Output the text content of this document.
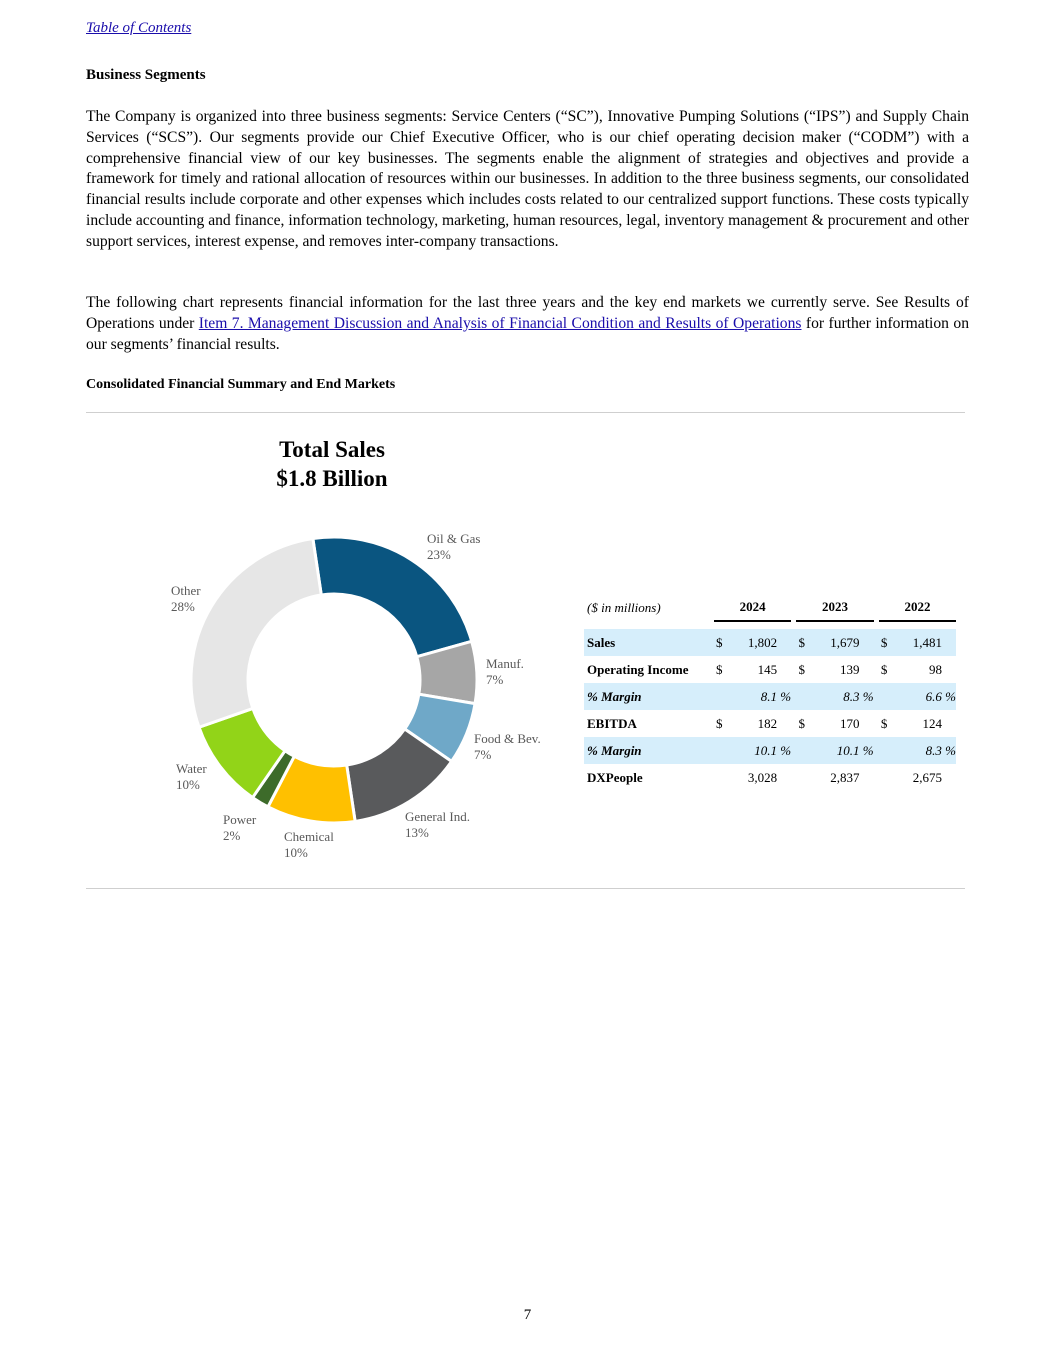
Table of Contents
Business Segments

The Company is organized into three business segments: Service Centers (“SC”), Innovative Pumping Solutions (“IPS”) and Supply Chain Services (“SCS”). Our segments provide our Chief Executive Officer, who is our chief operating decision maker (“CODM”) with a comprehensive financial view of our key businesses. The segments enable the alignment of strategies and objectives and provide a framework for timely and rational allocation of resources within our businesses. In addition to the three business segments, our consolidated financial results include corporate and other expenses which includes costs related to our centralized support functions. These costs typically include accounting and finance, information technology, marketing, human resources, legal, inventory management & procurement and other support services, interest expense, and removes inter-company transactions.

The following chart represents financial information for the last three years and the key end markets we currently serve. See Results of Operations under Item 7. Management Discussion and Analysis of Financial Condition and Results of Operations for further information on our segments’ financial results.

Consolidated Financial Summary and End Markets
Total Sales
$1.8 Billion
Oil & Gas
23%
Manuf.
7%
Food & Bev.
7%
General Ind.
13%
Chemical
10%
Power
2%
Water
10%
Other
28%	($ in millions)		2024			2023			2022	

Sales		$	1,802		$	1,679		$	1,481
Operating Income		$	145		$	139		$	98
% Margin		8.1 %			8.3 %			6.6 %	
EBITDA		$	182		$	170		$	124
% Margin		10.1 %			10.1 %			8.3 %	
DXPeople		3,028			2,837			2,675	
7
